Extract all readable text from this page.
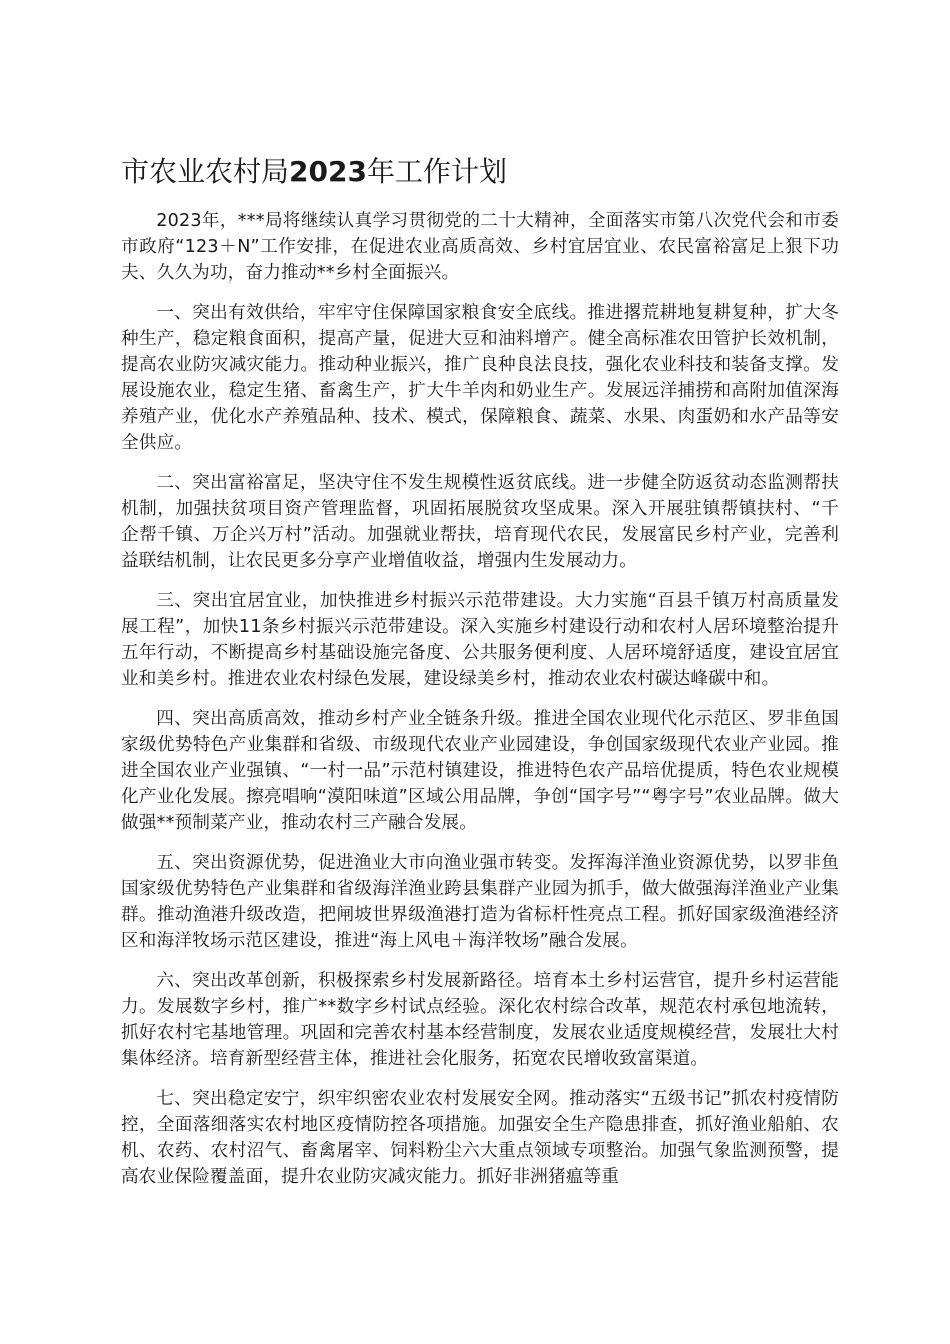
市农业农村局2023年工作计划

2023年，***局将继续认真学习贯彻党的二十大精神，全面落实市第八次党代会和市委市政府“123＋N”工作安排，在促进农业高质高效、乡村宜居宜业、农民富裕富足上狠下功夫、久久为功，奋力推动**乡村全面振兴。

一、突出有效供给，牢牢守住保障国家粮食安全底线。推进撂荒耕地复耕复种，扩大冬种生产，稳定粮食面积，提高产量，促进大豆和油料增产。健全高标准农田管护长效机制，提高农业防灾减灾能力。推动种业振兴，推广良种良法良技，强化农业科技和装备支撑。发展设施农业，稳定生猪、畜禽生产，扩大牛羊肉和奶业生产。发展远洋捕捞和高附加值深海养殖产业，优化水产养殖品种、技术、模式，保障粮食、蔬菜、水果、肉蛋奶和水产品等安全供应。

二、突出富裕富足，坚决守住不发生规模性返贫底线。进一步健全防返贫动态监测帮扶机制，加强扶贫项目资产管理监督，巩固拓展脱贫攻坚成果。深入开展驻镇帮镇扶村、“千企帮千镇、万企兴万村”活动。加强就业帮扶，培育现代农民，发展富民乡村产业，完善利益联结机制，让农民更多分享产业增值收益，增强内生发展动力。

三、突出宜居宜业，加快推进乡村振兴示范带建设。大力实施“百县千镇万村高质量发展工程”，加快11条乡村振兴示范带建设。深入实施乡村建设行动和农村人居环境整治提升五年行动，不断提高乡村基础设施完备度、公共服务便利度、人居环境舒适度，建设宜居宜业和美乡村。推进农业农村绿色发展，建设绿美乡村，推动农业农村碳达峰碳中和。

四、突出高质高效，推动乡村产业全链条升级。推进全国农业现代化示范区、罗非鱼国家级优势特色产业集群和省级、市级现代农业产业园建设，争创国家级现代农业产业园。推进全国农业产业强镇、“一村一品”示范村镇建设，推进特色农产品培优提质，特色农业规模化产业化发展。擦亮唱响“漠阳味道”区域公用品牌，争创“国字号”“粤字号”农业品牌。做大做强**预制菜产业，推动农村三产融合发展。

五、突出资源优势，促进渔业大市向渔业强市转变。发挥海洋渔业资源优势，以罗非鱼国家级优势特色产业集群和省级海洋渔业跨县集群产业园为抓手，做大做强海洋渔业产业集群。推动渔港升级改造，把闸坡世界级渔港打造为省标杆性亮点工程。抓好国家级渔港经济区和海洋牧场示范区建设，推进“海上风电＋海洋牧场”融合发展。

六、突出改革创新，积极探索乡村发展新路径。培育本土乡村运营官，提升乡村运营能力。发展数字乡村，推广**数字乡村试点经验。深化农村综合改革，规范农村承包地流转，抓好农村宅基地管理。巩固和完善农村基本经营制度，发展农业适度规模经营，发展壮大村集体经济。培育新型经营主体，推进社会化服务，拓宽农民增收致富渠道。

七、突出稳定安宁，织牢织密农业农村发展安全网。推动落实“五级书记”抓农村疫情防控，全面落细落实农村地区疫情防控各项措施。加强安全生产隐患排查，抓好渔业船舶、农机、农药、农村沼气、畜禽屠宰、饲料粉尘六大重点领域专项整治。加强气象监测预警，提高农业保险覆盖面，提升农业防灾减灾能力。抓好非洲猪瘟等重
